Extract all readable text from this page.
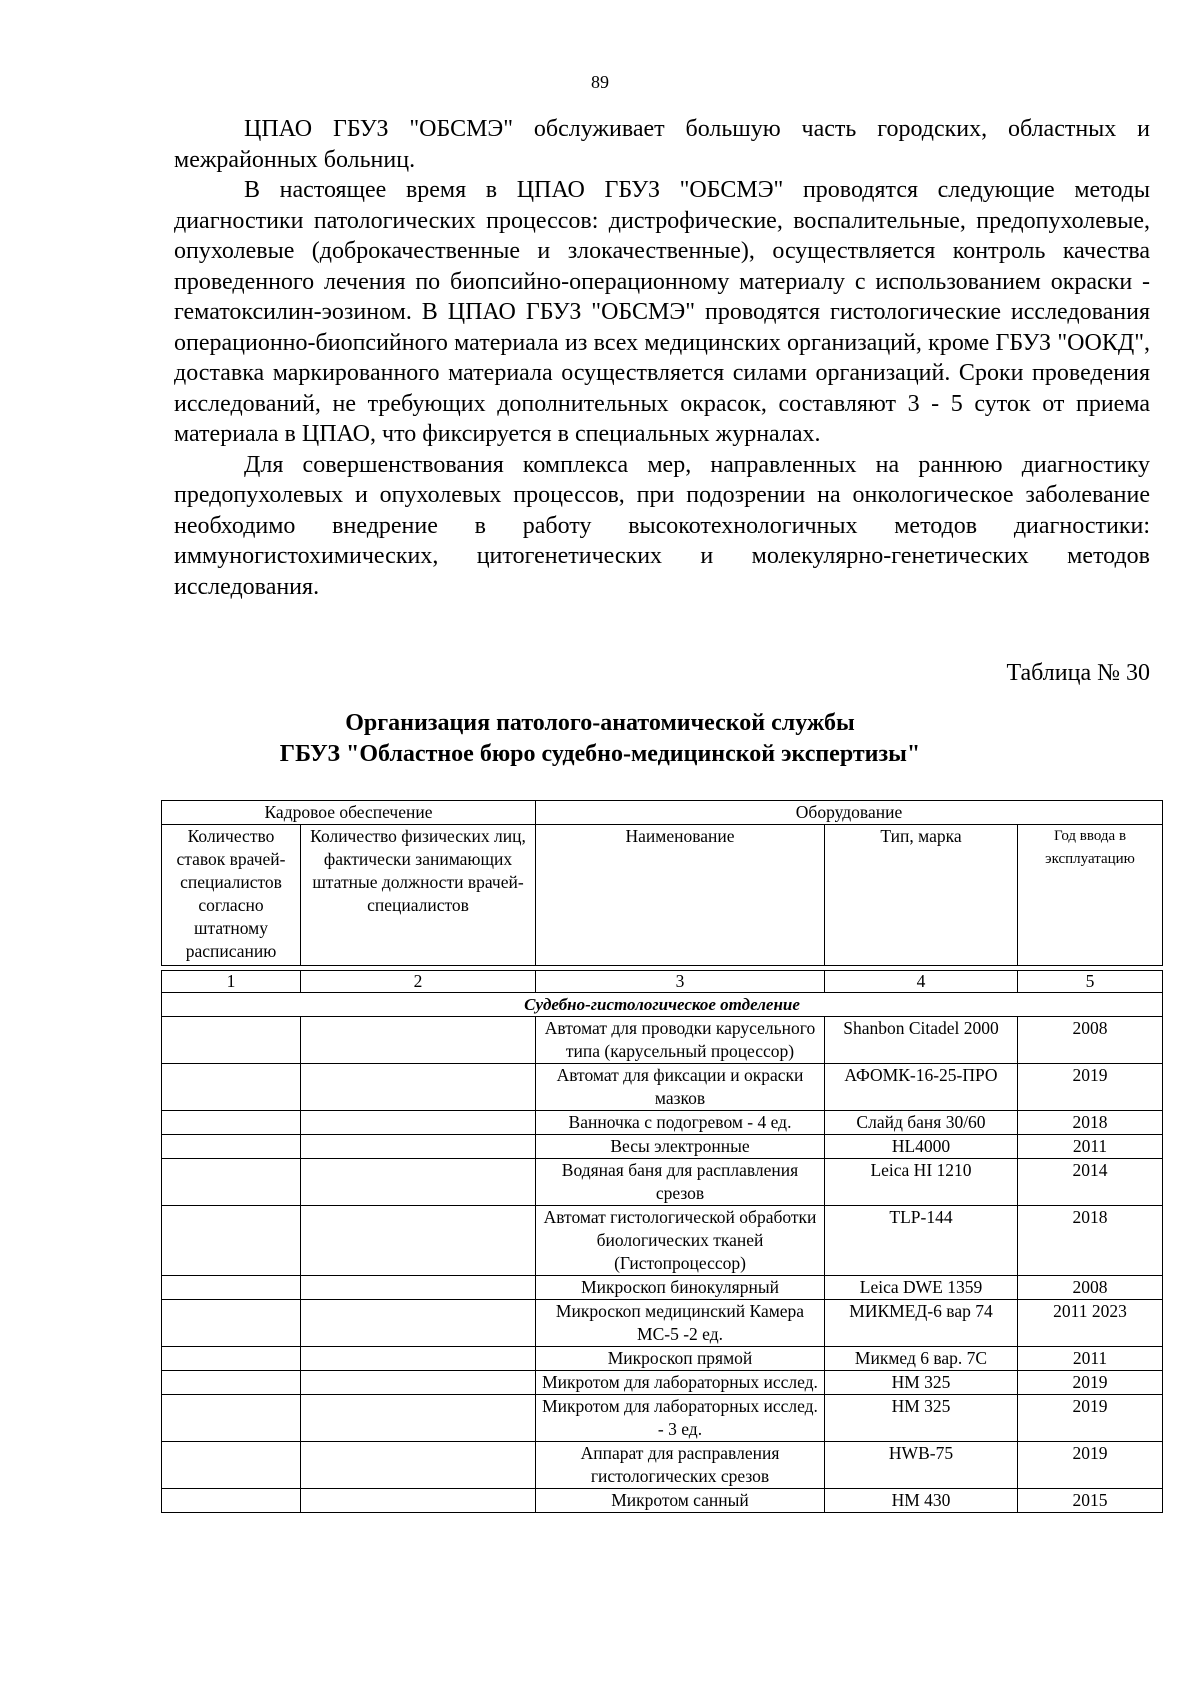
89

ЦПАО ГБУЗ "ОБСМЭ" обслуживает большую часть городских, областных и межрайонных больниц.

В настоящее время в ЦПАО ГБУЗ "ОБСМЭ" проводятся следующие методы диагностики патологических процессов: дистрофические, воспалительные, предопухолевые, опухолевые (доброкачественные и злокачественные), осуществляется контроль качества проведенного лечения по биопсийно-операционному материалу с использованием окраски - гематоксилин-эозином. В ЦПАО ГБУЗ "ОБСМЭ" проводятся гистологические исследования операционно-биопсийного материала из всех медицинских организаций, кроме ГБУЗ "ООКД", доставка маркированного материала осуществляется силами организаций. Сроки проведения исследований, не требующих дополнительных окрасок, составляют 3 - 5 суток от приема материала в ЦПАО, что фиксируется в специальных журналах.

Для совершенствования комплекса мер, направленных на раннюю диагностику предопухолевых и опухолевых процессов, при подозрении на онкологическое заболевание необходимо внедрение в работу высокотехнологичных методов диагностики: иммуногистохимических, цитогенетических и молекулярно-генетических методов исследования.

Таблица № 30
Организация патолого-анатомической службы
ГБУЗ "Областное бюро судебно-медицинской экспертизы"
Кадровое обеспечение		Оборудование		
Количество ставок врачей-специалистов согласно штатному расписанию	Количество физических лиц, фактически занимающих штатные должности врачей-специалистов	Наименование	Тип, марка	Год ввода в эксплуатацию

1	2	3	4	5
Судебно-гистологическое отделение				
		Автомат для проводки карусельного типа (карусельный процессор)	Shanbon Citadel 2000	2008
		Автомат для фиксации и окраски мазков	АФОМК-16-25-ПРО	2019
		Ванночка с подогревом - 4 ед.	Слайд баня 30/60	2018
		Весы электронные	HL4000	2011
		Водяная баня для расплавления срезов	Leica HI 1210	2014
		Автомат гистологической обработки биологических тканей (Гистопроцессор)	TLP-144	2018
		Микроскоп бинокулярный	Leica DWE 1359	2008
		Микроскоп медицинский Камера МС-5 -2 ед.	МИКМЕД-6 вар 74	2011 2023
		Микроскоп прямой	Микмед 6 вар. 7С	2011
		Микротом для лабораторных исслед.	HM 325	2019
		Микротом для лабораторных исслед. - 3 ед.	HM 325	2019
		Аппарат для расправления гистологических срезов	HWB-75	2019
		Микротом санный	HM 430	2015
